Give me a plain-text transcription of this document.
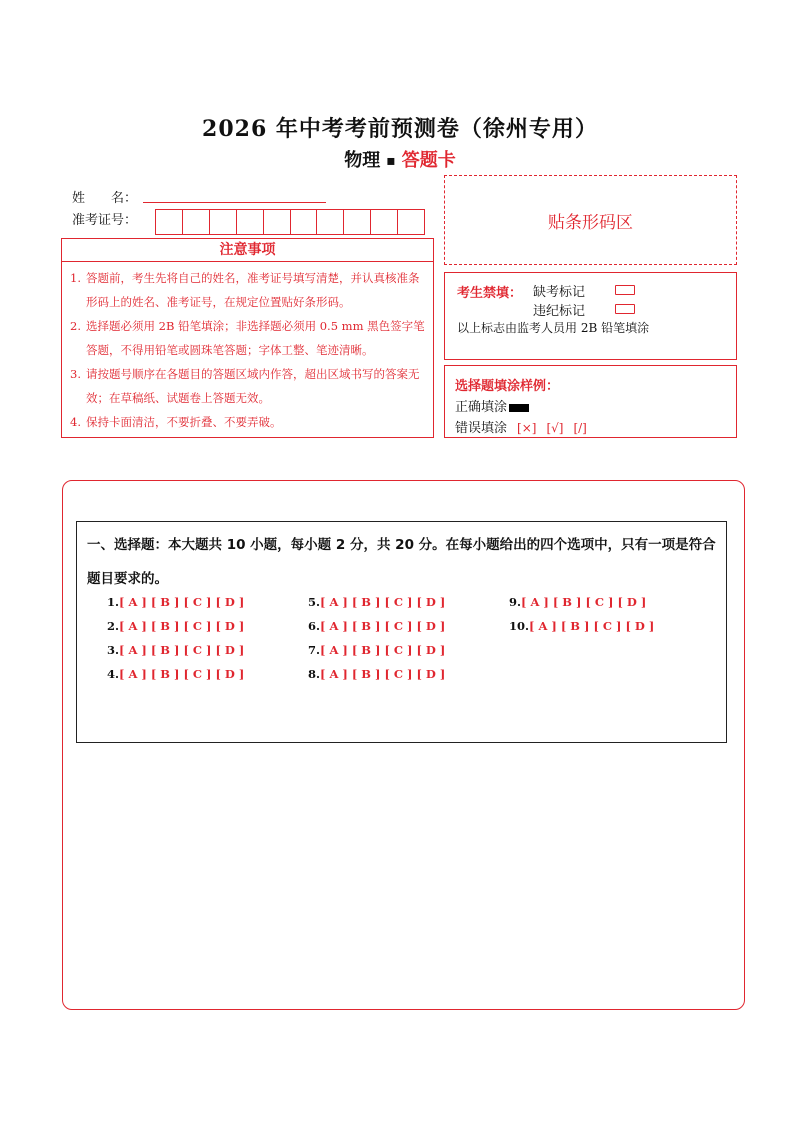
2026 年中考考前预测卷（徐州专用）
物理 ▪ 答题卡
姓　　名：
准考证号：	贴条形码区
注意事项
1. 答题前，考生先将自己的姓名，准考证号填写清楚，并认真核准条形码上的姓名、准考证号，在规定位置贴好条形码。
2. 选择题必须用 2B 铅笔填涂；非选择题必须用 0.5 mm 黑色签字笔答题，不得用铅笔或圆珠笔答题；字体工整、笔迹清晰。
3. 请按题号顺序在各题目的答题区域内作答，超出区域书写的答案无效；在草稿纸、试题卷上答题无效。
4. 保持卡面清洁，不要折叠、不要弄破。
考生禁填： 缺考标记
违纪标记
以上标志由监考人员用 2B 铅笔填涂
选择题填涂样例：
正确填涂
错误填涂 [×] [√] [/]
一、选择题：本大题共 10 小题，每小题 2 分，共 20 分。在每小题给出的四个选项中，只有一项是符合题目要求的。
1.[ A ] [ B ] [ C ] [ D ]
2.[ A ] [ B ] [ C ] [ D ]
3.[ A ] [ B ] [ C ] [ D ]
4.[ A ] [ B ] [ C ] [ D ]
5.[ A ] [ B ] [ C ] [ D ]
6.[ A ] [ B ] [ C ] [ D ]
7.[ A ] [ B ] [ C ] [ D ]
8.[ A ] [ B ] [ C ] [ D ]
9.[ A ] [ B ] [ C ] [ D ]
10.[ A ] [ B ] [ C ] [ D ]
